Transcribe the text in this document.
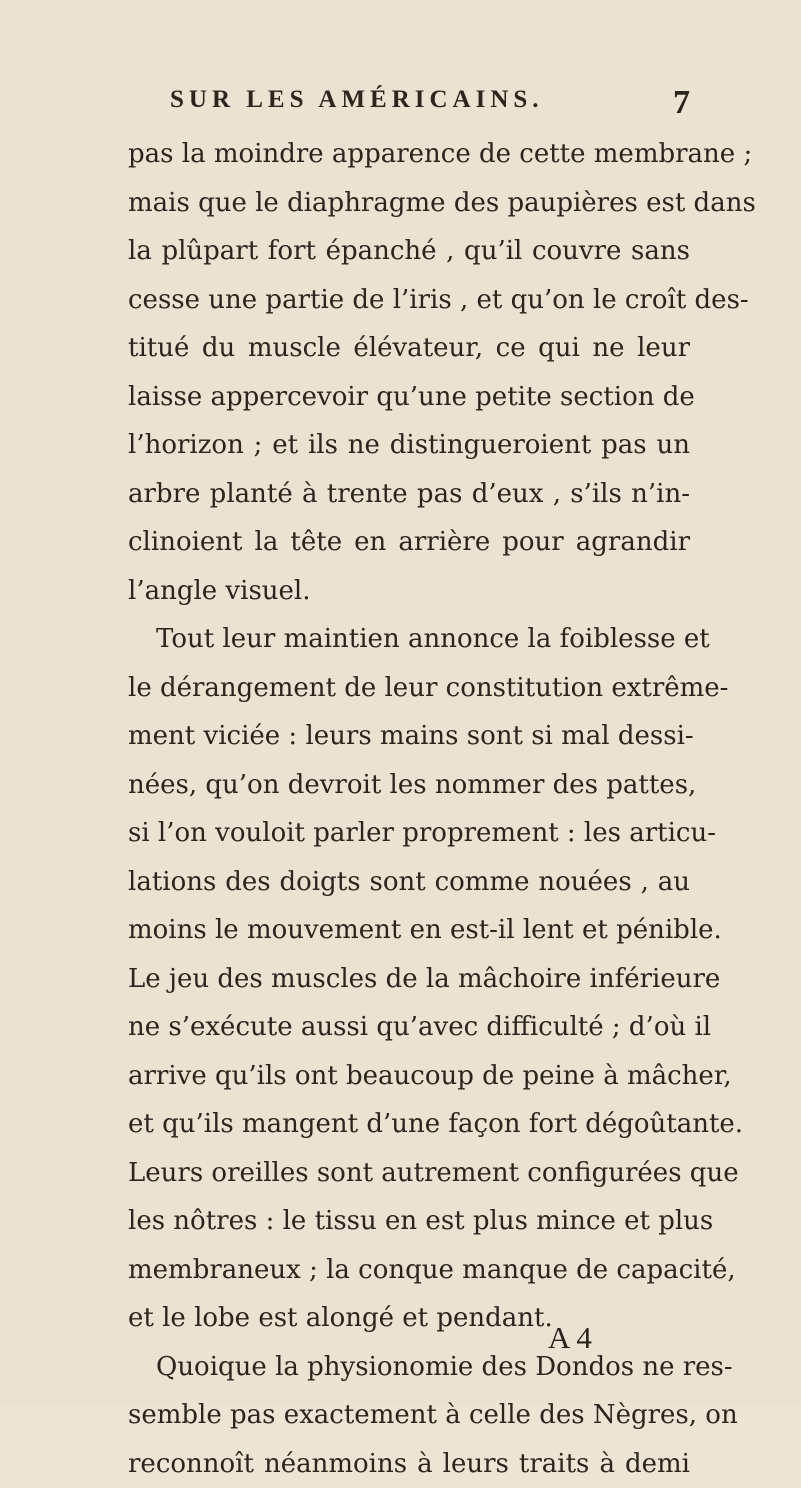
SUR LES AMÉRICAINS.	7
pas la moindre apparence de cette membrane ;
mais que le diaphragme des paupières est dans
la plûpart fort épanché , qu’il couvre sans
cesse une partie de l’iris , et qu’on le croît des-
titué du muscle élévateur, ce qui ne leur
laisse appercevoir qu’une petite section de
l’horizon ; et ils ne distingueroient pas un
arbre planté à trente pas d’eux , s’ils n’in-
clinoient la tête en arrière pour agrandir
l’angle visuel.
Tout leur maintien annonce la foiblesse et
le dérangement de leur constitution extrême-
ment viciée : leurs mains sont si mal dessi-
nées, qu’on devroit les nommer des pattes,
si l’on vouloit parler proprement : les articu-
lations des doigts sont comme nouées , au
moins le mouvement en est-il lent et pénible.
Le jeu des muscles de la mâchoire inférieure
ne s’exécute aussi qu’avec difficulté ; d’où il
arrive qu’ils ont beaucoup de peine à mâcher,
et qu’ils mangent d’une façon fort dégoûtante.
Leurs oreilles sont autrement configurées que
les nôtres : le tissu en est plus mince et plus
membraneux ; la conque manque de capacité,
et le lobe est alongé et pendant.
Quoique la physionomie des Dondos ne res-
semble pas exactement à celle des Nègres, on
reconnoît néanmoins à leurs traits à demi
A 4
